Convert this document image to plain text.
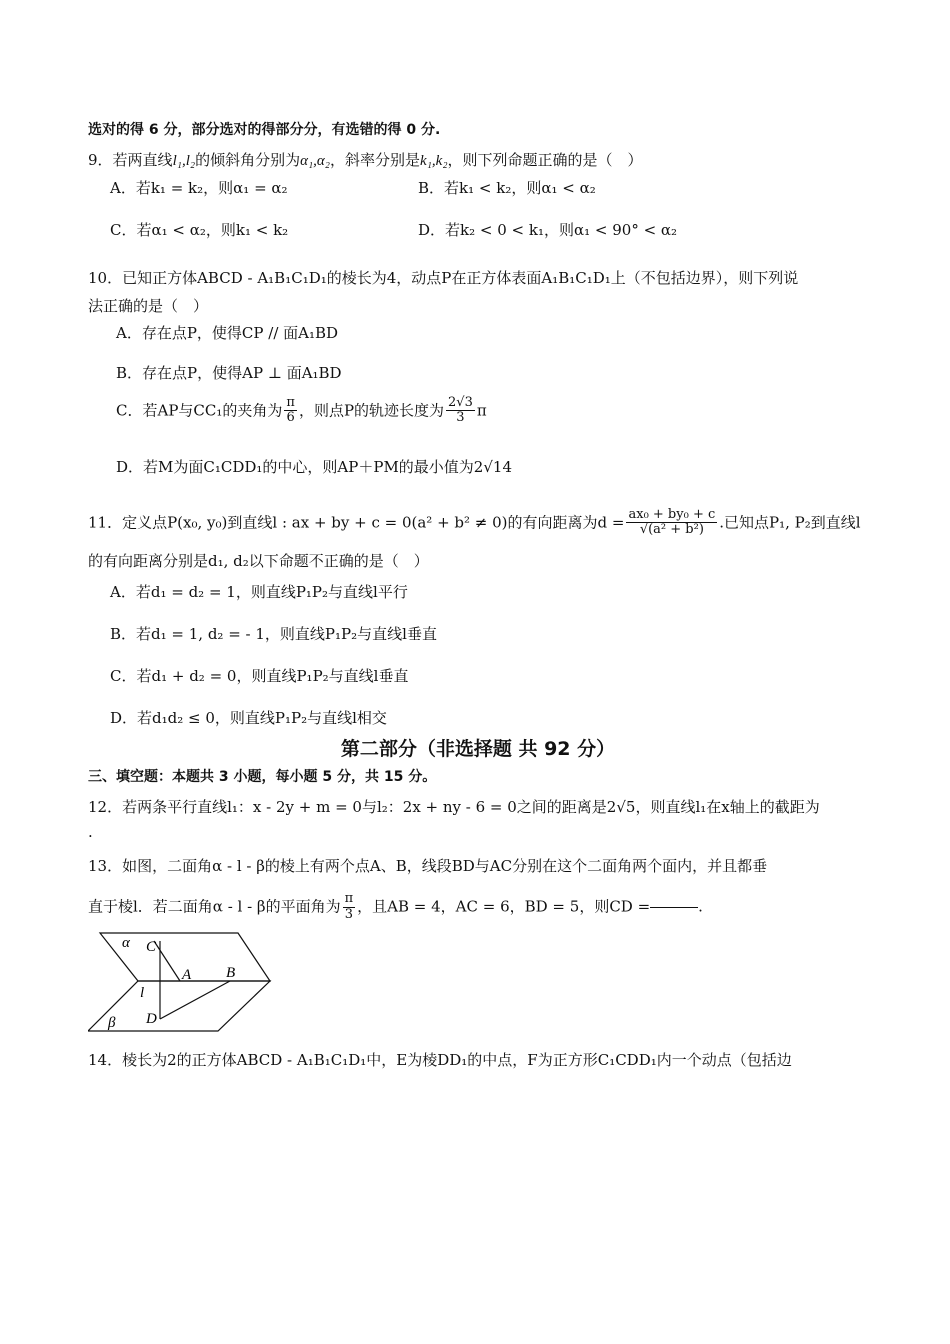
选对的得 6 分，部分选对的得部分分，有选错的得 0 分.

9．若两直线l₁,l₂的倾斜角分别为α₁,α₂，斜率分别是k₁,k₂，则下列命题正确的是（　）

A．若k₁ = k₂，则α₁ = α₂	B．若k₁ < k₂，则α₁ < α₂
C．若α₁ < α₂，则k₁ < k₂	D．若k₂ < 0 < k₁，则α₁ < 90° < α₂

10．已知正方体ABCD - A₁B₁C₁D₁的棱长为4，动点P在正方体表面A₁B₁C₁D₁上（不包括边界），则下列说

法正确的是（　）

A．存在点P，使得CP // 面A₁BD
B．存在点P，使得AP ⊥ 面A₁BD
C．若AP与CC₁的夹角为 $\frac{\pi}{6}$ ，则点P的轨迹长度为 $\frac{2√3}{3}$ π
D．若M为面C₁CDD₁的中心，则AP＋PM的最小值为2√14

11．定义点P(x₀, y₀)到直线l : ax + by + c = 0(a² + b² ≠ 0)的有向距离为$d = \frac{\text{ax₀ + by₀ + c}}{\text{√(a² + b²)}}$ .已知点P₁, P₂到直线l

的有向距离分别是d₁, d₂以下命题不正确的是（　）

A．若d₁ = d₂ = 1，则直线P₁P₂与直线l平行
B．若d₁ = 1, d₂ = - 1，则直线P₁P₂与直线l垂直
C．若d₁ + d₂ = 0，则直线P₁P₂与直线l垂直
D．若d₁d₂ ≤ 0，则直线P₁P₂与直线l相交

第二部分（非选择题 共 92 分）

三、填空题：本题共 3 小题，每小题 5 分，共 15 分。

12．若两条平行直线l₁：x - 2y + m = 0与l₂：2x + ny - 6 = 0之间的距离是2√5，则直线l₁在x轴上的截距为

.

13．如图，二面角α - l - β的棱上有两个点A、B，线段BD与AC分别在这个二面角两个面内，并且都垂

直于棱l．若二面角α - l - β的平面角为 $\frac{\pi}{3}$ ，且AB = 4，AC = 6，BD = 5，则CD =	.

α C
A B
l
D
β

14．棱长为2的正方体ABCD - A₁B₁C₁D₁中，E为棱DD₁的中点，F为正方形C₁CDD₁内一个动点（包括边
